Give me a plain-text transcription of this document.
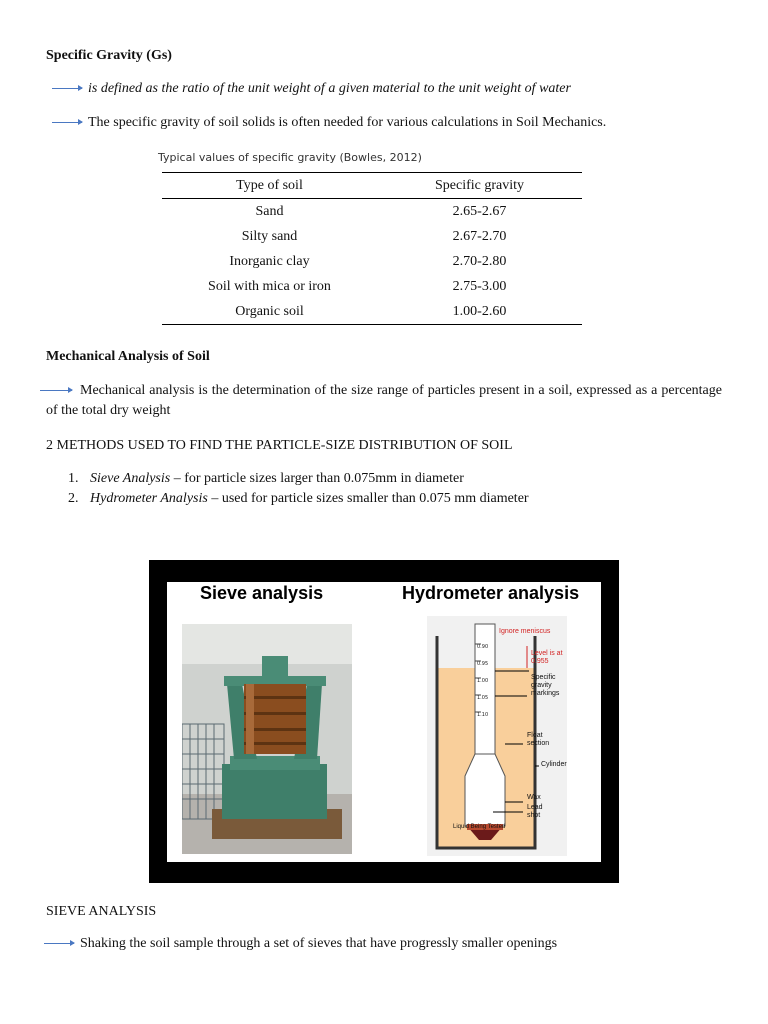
Specific Gravity (Gs)
is defined as the ratio of the unit weight of a given material to the unit weight of water
The specific gravity of soil solids is often needed for various calculations in Soil Mechanics.
Typical values of specific gravity (Bowles, 2012)
Type of soil	Specific gravity
Sand	2.65-2.67
Silty sand	2.67-2.70
Inorganic clay	2.70-2.80
Soil with mica or iron	2.75-3.00
Organic soil	1.00-2.60
Mechanical Analysis of Soil
Mechanical analysis is the determination of the size range of particles present in a soil, expressed as a percentage of the total dry weight
2 METHODS USED TO FIND THE PARTICLE-SIZE DISTRIBUTION OF SOIL
1. Sieve Analysis – for particle sizes larger than 0.075mm in diameter
2. Hydrometer Analysis – used for particle sizes smaller than 0.075 mm diameter
Sieve analysis	Hydrometer analysis
0.90
0.95
1.00
1.05
1.10
Ignore meniscus
Level is at 0.955
Specific gravity markings
Float section
Cylinder
Wax
Lead shot
Liquid Being Tested
SIEVE ANALYSIS
Shaking the soil sample through a set of sieves that have progressly smaller openings
